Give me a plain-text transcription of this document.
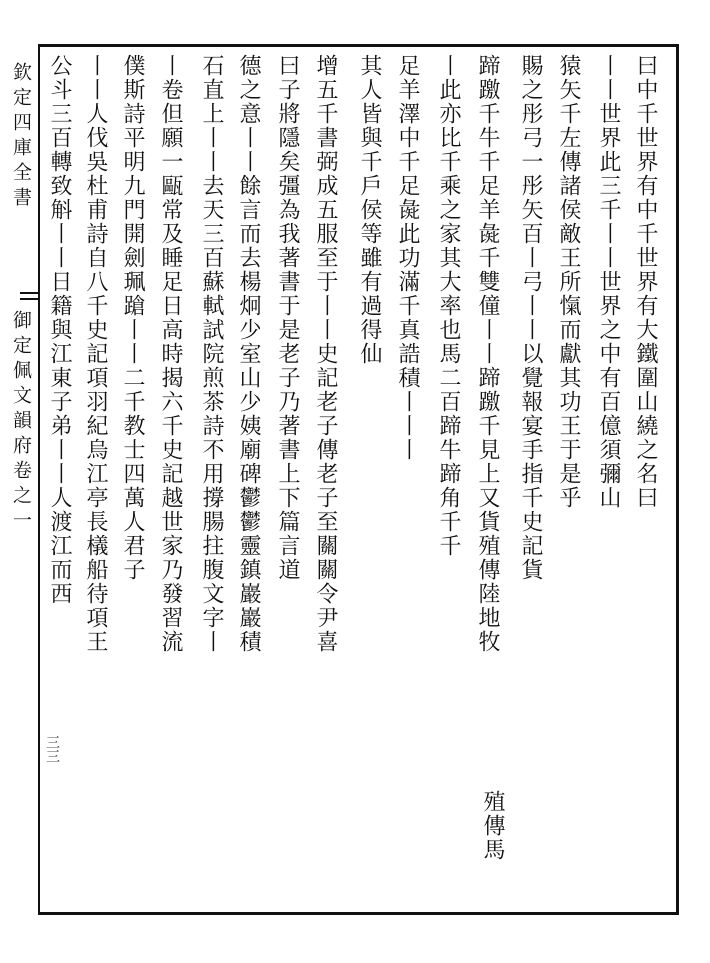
欽定四庫全書
御定佩文韻府卷之一
三三
曰中千世界有中千世界有大鐵圍山繞之名曰
丨丨世界此三千丨丨世界之中有百億須彌山
猿矢千左傳諸侯敵王所愾而獻其功王于是乎
賜之彤弓一彤矢百丨弓丨丨以覺報宴手指千史記貨
殖傳馬
蹄躈千牛千足羊彘千雙僮丨丨蹄躈千見上又貨殖傳陸地牧
丨此亦比千乘之家其大率也馬二百蹄牛蹄角千千
足羊澤中千足彘此功滿千真誥積丨丨丨
其人皆與千戶侯等雖有過得仙
增五千書弼成五服至于丨丨史記老子傳老子至關關令尹喜
曰子將隱矣彊為我著書于是老子乃著書上下篇言道
德之意丨丨餘言而去楊炯少室山少姨廟碑鬱鬱靈鎮巖巖積
石直上丨丨去天三百蘇軾試院煎茶詩不用撐腸拄腹文字丨
丨卷但願一甌常及睡足日高時揭六千史記越世家乃發習流
僕斯詩平明九門開劍珮蹌丨丨二千教士四萬人君子
丨丨人伐吳杜甫詩自八千史記項羽紀烏江亭長檥船待項王
公斗三百轉致斛丨丨日籍與江東子弟丨丨人渡江而西
